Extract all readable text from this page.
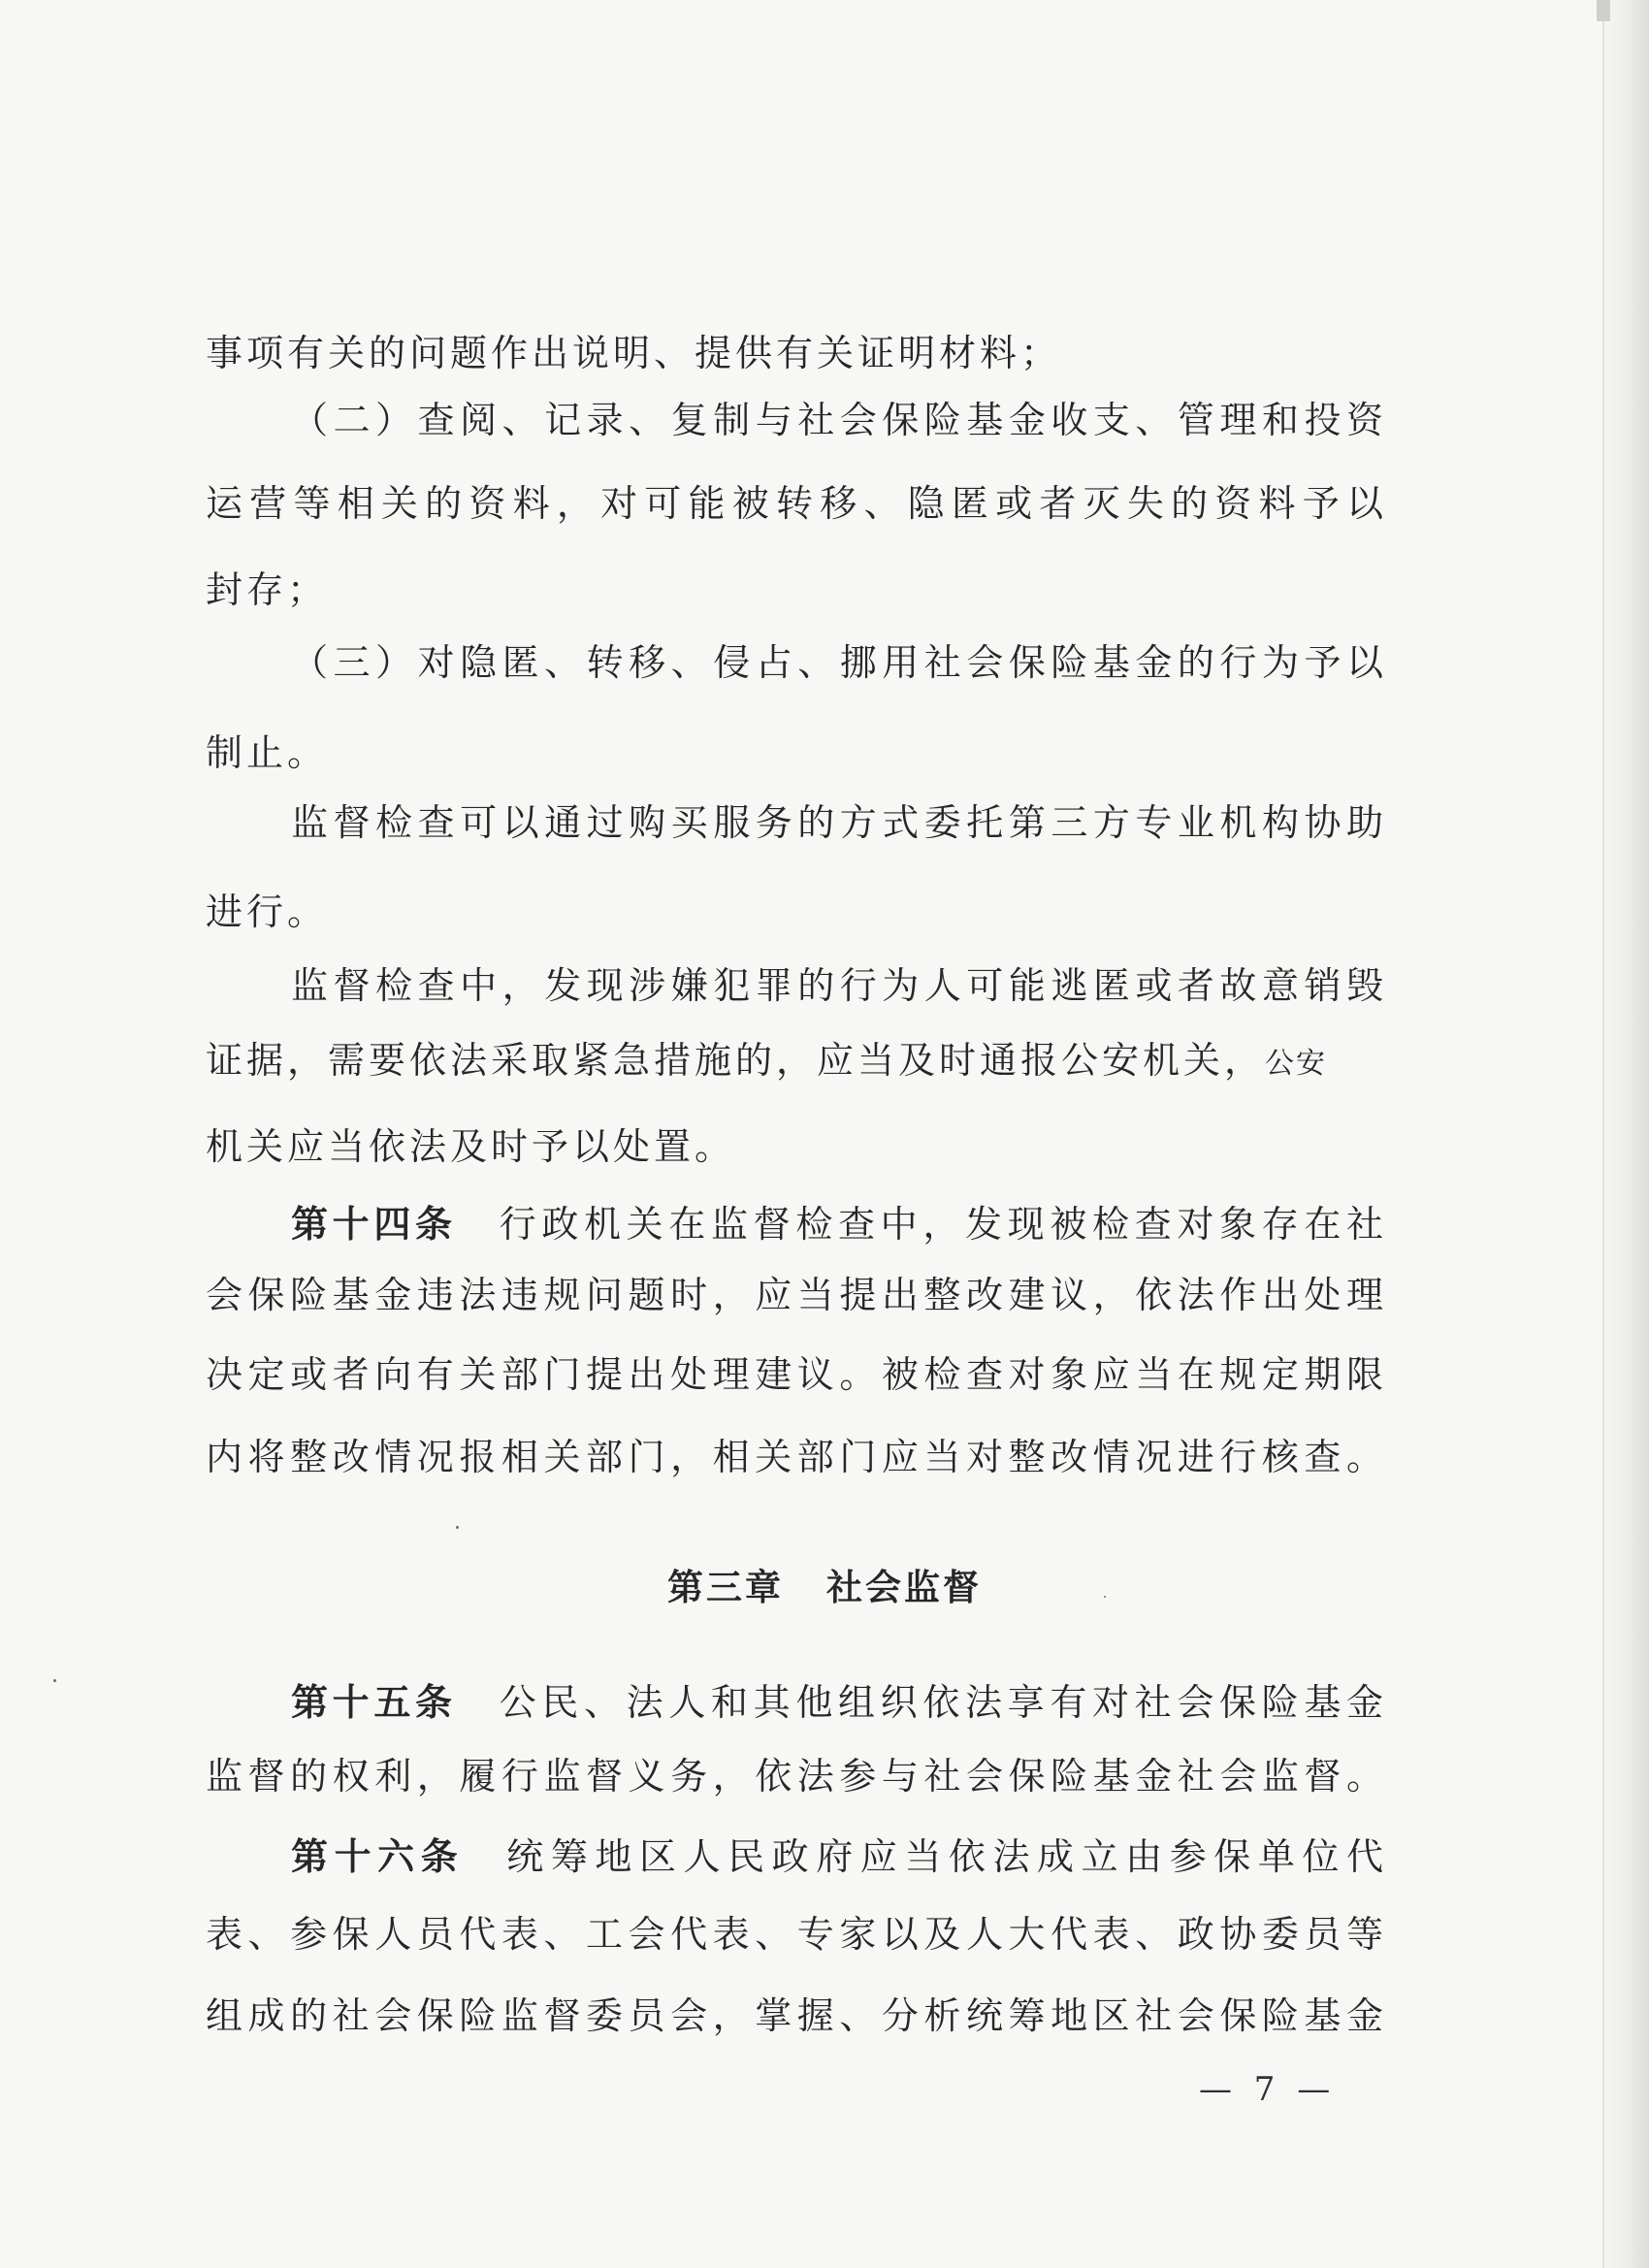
事项有关的问题作出说明、提供有关证明材料；
（二）查阅、记录、复制与社会保险基金收支、管理和投资
运营等相关的资料，对可能被转移、隐匿或者灭失的资料予以
封存；
（三）对隐匿、转移、侵占、挪用社会保险基金的行为予以
制止。
监督检查可以通过购买服务的方式委托第三方专业机构协助
进行。
监督检查中，发现涉嫌犯罪的行为人可能逃匿或者故意销毁
证据，需要依法采取紧急措施的，应当及时通报公安机关，公安
机关应当依法及时予以处置。
第十四条 行政机关在监督检查中，发现被检查对象存在社
会保险基金违法违规问题时，应当提出整改建议，依法作出处理
决定或者向有关部门提出处理建议。被检查对象应当在规定期限
内将整改情况报相关部门，相关部门应当对整改情况进行核查。
第三章 社会监督
第十五条 公民、法人和其他组织依法享有对社会保险基金
监督的权利，履行监督义务，依法参与社会保险基金社会监督。
第十六条 统筹地区人民政府应当依法成立由参保单位代
表、参保人员代表、工会代表、专家以及人大代表、政协委员等
组成的社会保险监督委员会，掌握、分析统筹地区社会保险基金
— 7 —
